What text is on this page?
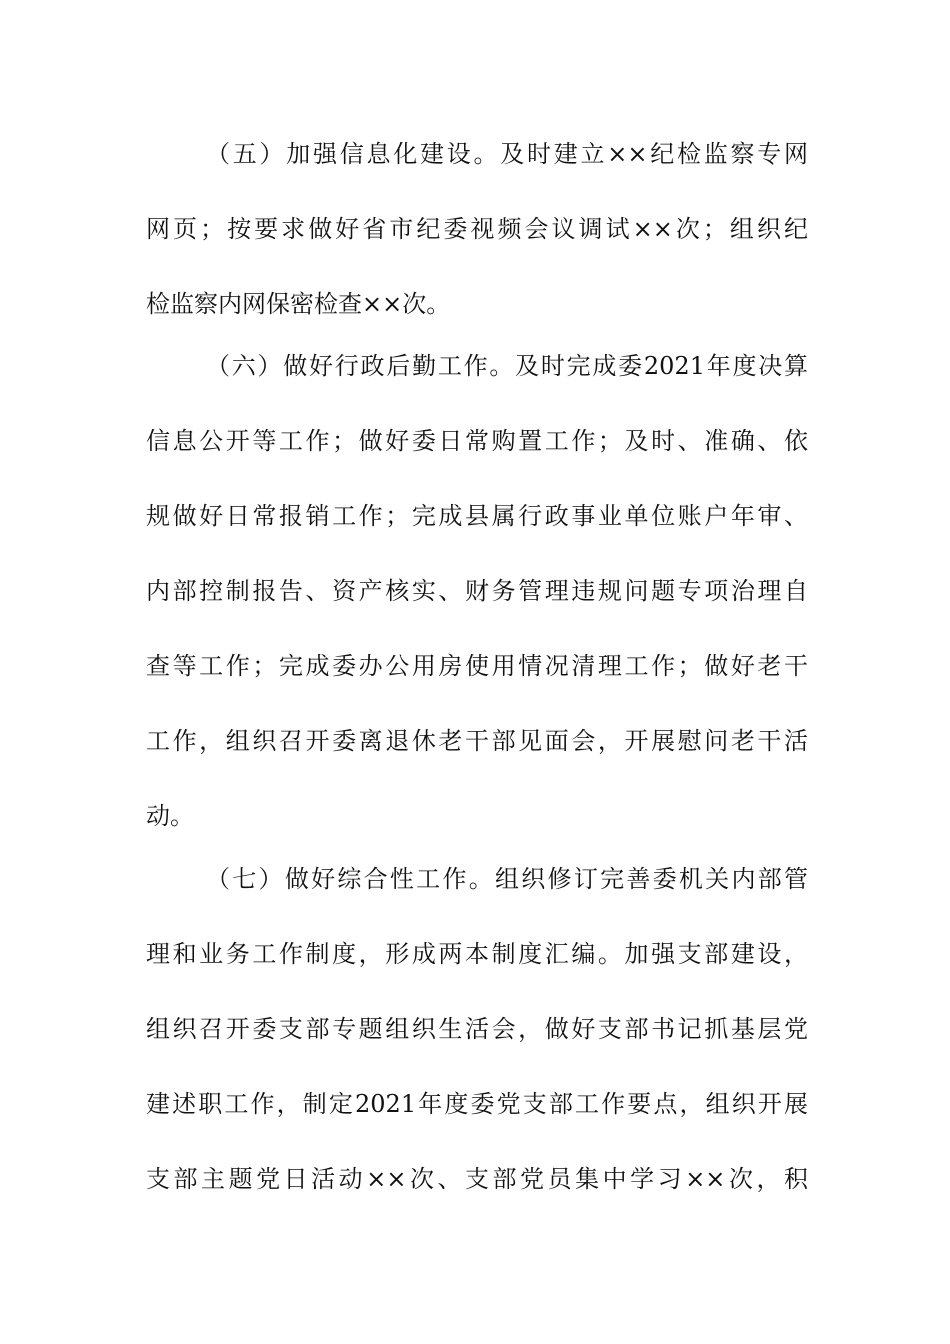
（五）加强信息化建设。及时建立××纪检监察专网
网页；按要求做好省市纪委视频会议调试××次；组织纪
检监察内网保密检查××次。
（六）做好行政后勤工作。及时完成委2021年度决算
信息公开等工作；做好委日常购置工作；及时、准确、依
规做好日常报销工作；完成县属行政事业单位账户年审、
内部控制报告、资产核实、财务管理违规问题专项治理自
查等工作；完成委办公用房使用情况清理工作；做好老干
工作，组织召开委离退休老干部见面会，开展慰问老干活
动。
（七）做好综合性工作。组织修订完善委机关内部管
理和业务工作制度，形成两本制度汇编。加强支部建设，
组织召开委支部专题组织生活会，做好支部书记抓基层党
建述职工作，制定2021年度委党支部工作要点，组织开展
支部主题党日活动××次、支部党员集中学习××次，积
